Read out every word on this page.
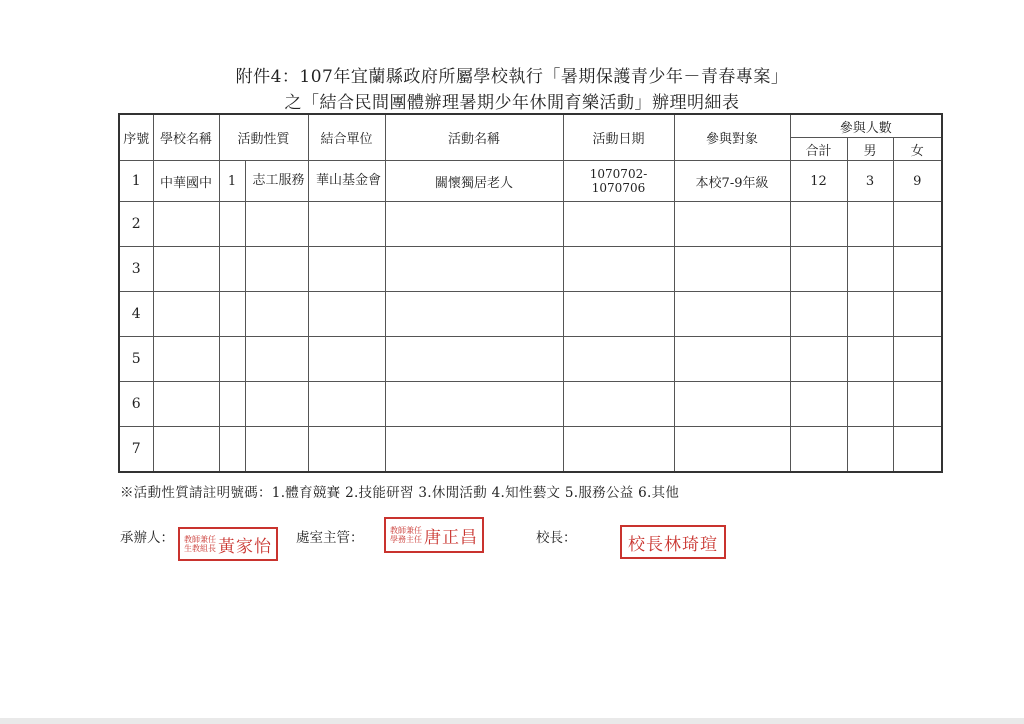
附件4：107年宜蘭縣政府所屬學校執行「暑期保護青少年－青春專案」
之「結合民間團體辦理暑期少年休閒育樂活動」辦理明細表
序號	學校名稱	活動性質		結合單位	活動名稱	活動日期	參與對象	參與人數		
								合計	男	女
1	中華國中	1	志工服務	華山基金會	關懷獨居老人	1070702-1070706	本校7-9年級	12	3	9
2										
3										
4										
5										
6										
7										
※活動性質請註明號碼：1.體育競賽 2.技能研習 3.休閒活動 4.知性藝文 5.服務公益 6.其他
承辦人： 教師兼任
生教組長 黃家怡 處室主管：	教師兼任
學務主任 唐正昌	校長：	校長林琦瑄
